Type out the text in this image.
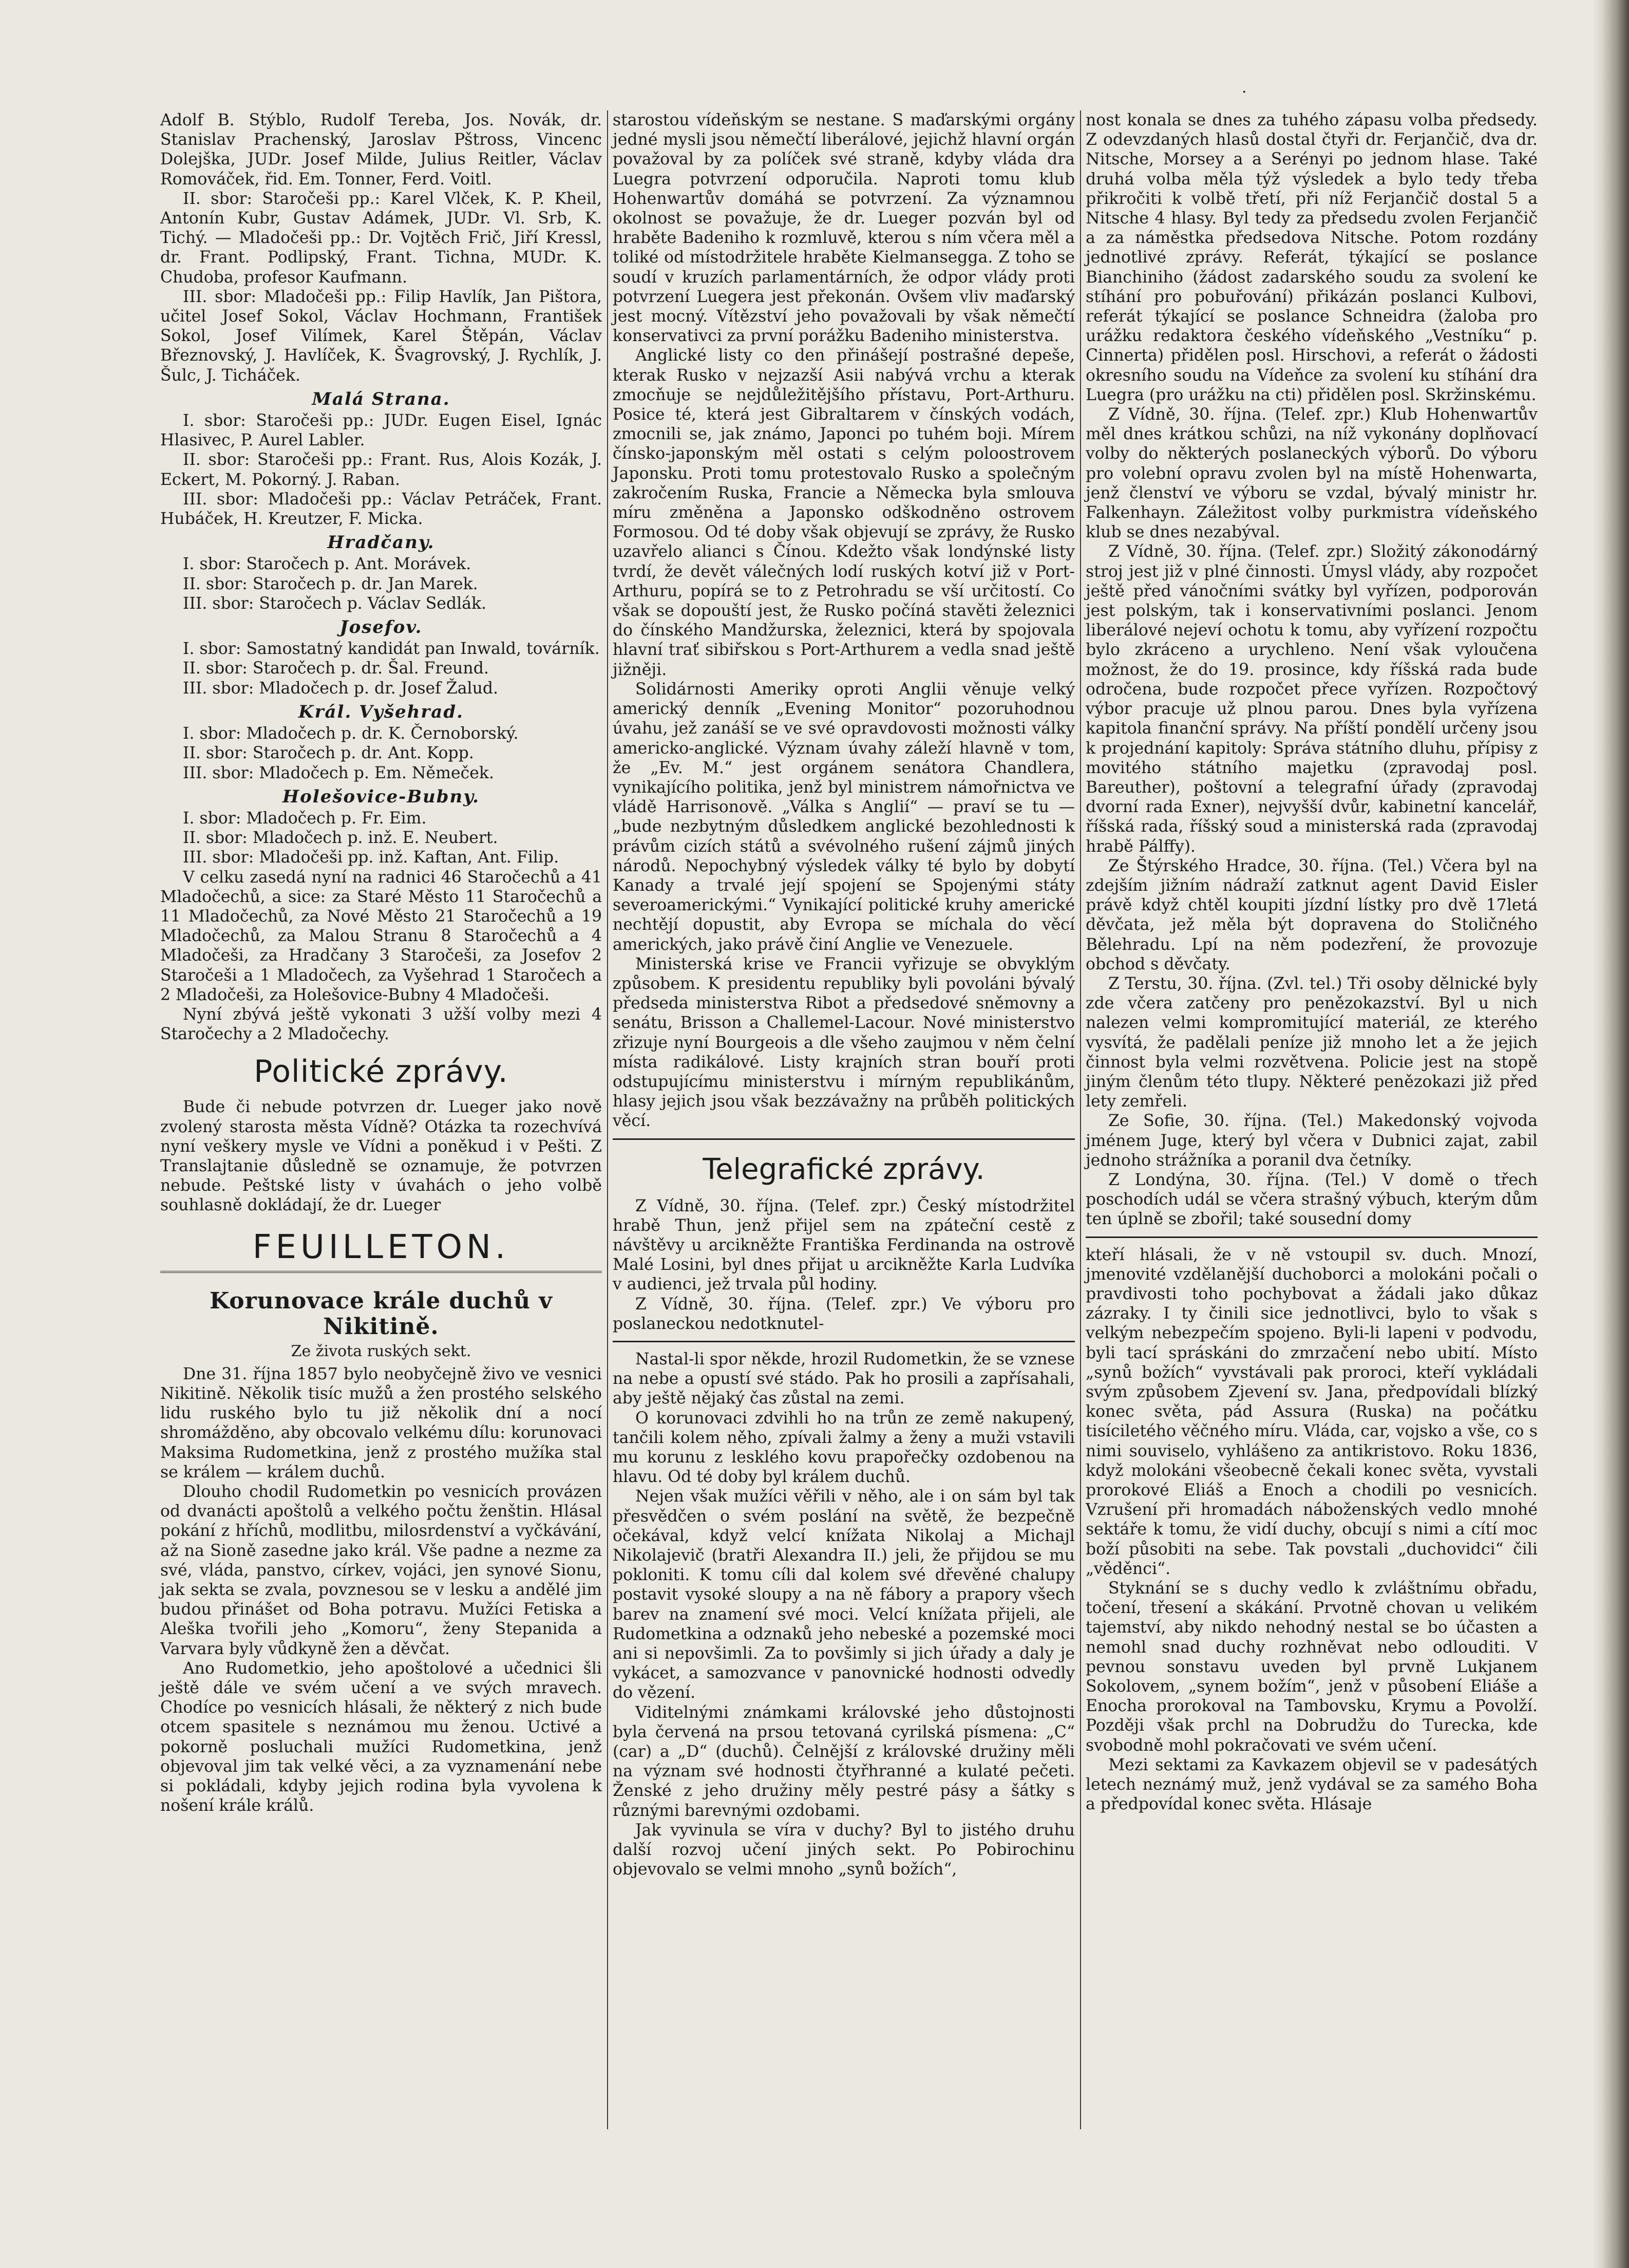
·

Adolf B. Stýblo, Rudolf Tereba, Jos. Novák, dr. Stanislav Prachenský, Jaroslav Pštross, Vincenc Dolejška, JUDr. Josef Milde, Julius Reitler, Václav Romováček, řid. Em. Tonner, Ferd. Voitl.

II. sbor: Staročeši pp.: Karel Vlček, K. P. Kheil, Antonín Kubr, Gustav Adámek, JUDr. Vl. Srb, K. Tichý. — Mladočeši pp.: Dr. Vojtěch Frič, Jiří Kressl, dr. Frant. Podlipský, Frant. Tichna, MUDr. K. Chudoba, profesor Kaufmann.

III. sbor: Mladočeši pp.: Filip Havlík, Jan Pištora, učitel Josef Sokol, Václav Hochmann, František Sokol, Josef Vilímek, Karel Štěpán, Václav Březnovský, J. Havlíček, K. Švagrovský, J. Rychlík, J. Šulc, J. Ticháček.

Malá Strana.

I. sbor: Staročeši pp.: JUDr. Eugen Eisel, Ignác Hlasivec, P. Aurel Labler.

II. sbor: Staročeši pp.: Frant. Rus, Alois Kozák, J. Eckert, M. Pokorný. J. Raban.

III. sbor: Mladočeši pp.: Václav Petráček, Frant. Hubáček, H. Kreutzer, F. Micka.

Hradčany.

I. sbor: Staročech p. Ant. Morávek.

II. sbor: Staročech p. dr. Jan Marek.

III. sbor: Staročech p. Václav Sedlák.

Josefov.

I. sbor: Samostatný kandidát pan Inwald, továrník.

II. sbor: Staročech p. dr. Šal. Freund.

III. sbor: Mladočech p. dr. Josef Žalud.

Král. Vyšehrad.

I. sbor: Mladočech p. dr. K. Černoborský.

II. sbor: Staročech p. dr. Ant. Kopp.

III. sbor: Mladočech p. Em. Němeček.

Holešovice-Bubny.

I. sbor: Mladočech p. Fr. Eim.

II. sbor: Mladočech p. inž. E. Neubert.

III. sbor: Mladočeši pp. inž. Kaftan, Ant. Filip.

V celku zasedá nyní na radnici 46 Staročechů a 41 Mladočechů, a sice: za Staré Město 11 Staročechů a 11 Mladočechů, za Nové Město 21 Staročechů a 19 Mladočechů, za Malou Stranu 8 Staročechů a 4 Mladočeši, za Hradčany 3 Staročeši, za Josefov 2 Staročeši a 1 Mladočech, za Vyšehrad 1 Staročech a 2 Mladočeši, za Holešovice-Bubny 4 Mladočeši.

Nyní zbývá ještě vykonati 3 užší volby mezi 4 Staročechy a 2 Mladočechy.

Politické zprávy.

Bude či nebude potvrzen dr. Lueger jako nově zvolený starosta města Vídně? Otázka ta rozechvívá nyní veškery mysle ve Vídni a poněkud i v Pešti. Z Translajtanie důsledně se oznamuje, že potvrzen nebude. Peštské listy v úvahách o jeho volbě souhlasně dokládají, že dr. Lueger

FEUILLETON.
Korunovace krále duchů v Nikitině.
Ze života ruských sekt.

Dne 31. října 1857 bylo neobyčejně živo ve vesnici Nikitině. Několik tisíc mužů a žen prostého selského lidu ruského bylo tu již několik dní a nocí shromážděno, aby obcovalo velkému dílu: korunovaci Maksima Rudometkina, jenž z prostého mužíka stal se králem — králem duchů.

Dlouho chodil Rudometkin po vesnicích provázen od dvanácti apoštolů a velkého počtu ženštin. Hlásal pokání z hříchů, modlitbu, milosrdenství a vyčkávání, až na Sioně zasedne jako král. Vše padne a nezme za své, vláda, panstvo, církev, vojáci, jen synové Sionu, jak sekta se zvala, povznesou se v lesku a andělé jim budou přinášet od Boha potravu. Mužíci Fetiska a Aleška tvořili jeho „Komoru“, ženy Stepanida a Varvara byly vůdkyně žen a děvčat.

Ano Rudometkio, jeho apoštolové a učednici šli ještě dále ve svém učení a ve svých mravech. Chodíce po vesnicích hlásali, že některý z nich bude otcem spasitele s neznámou mu ženou. Uctivé a pokorně posluchali mužíci Rudometkina, jenž objevoval jim tak velké věci, a za vyznamenání nebe si pokládali, kdyby jejich rodina byla vyvolena k nošení krále králů.

starostou vídeňským se nestane. S maďarskými orgány jedné mysli jsou němečtí liberálové, jejichž hlavní orgán považoval by za políček své straně, kdyby vláda dra Luegra potvrzení odporučila. Naproti tomu klub Hohenwartův domáhá se potvrzení. Za významnou okolnost se považuje, že dr. Lueger pozván byl od hraběte Badeniho k rozmluvě, kterou s ním včera měl a toliké od místodržitele hraběte Kielmansegga. Z toho se soudí v kruzích parlamentárních, že odpor vlády proti potvrzení Luegera jest překonán. Ovšem vliv maďarský jest mocný. Vítězství jeho považovali by však němečtí konservativci za první porážku Badeniho ministerstva.

Anglické listy co den přinášejí postrašné depeše, kterak Rusko v nejzazší Asii nabývá vrchu a kterak zmocňuje se nejdůležitějšího přístavu, Port-Arthuru. Posice té, která jest Gibraltarem v čínských vodách, zmocnili se, jak známo, Japonci po tuhém boji. Mírem čínsko-japonským měl ostati s celým poloostrovem Japonsku. Proti tomu protestovalo Rusko a společným zakročením Ruska, Francie a Německa byla smlouva míru změněna a Japonsko odškodněno ostrovem Formosou. Od té doby však objevují se zprávy, že Rusko uzavřelo alianci s Čínou. Kdežto však londýnské listy tvrdí, že devět válečných lodí ruských kotví již v Port-Arthuru, popírá se to z Petrohradu se vší určitostí. Co však se dopouští jest, že Rusko počíná stavěti železnici do čínského Mandžurska, železnici, která by spojovala hlavní trať sibiřskou s Port-Arthurem a vedla snad ještě jižněji.

Solidárnosti Ameriky oproti Anglii věnuje velký americký denník „Evening Monitor“ pozoruhodnou úvahu, jež zanáší se ve své opravdovosti možnosti války americko-anglické. Význam úvahy záleží hlavně v tom, že „Ev. M.“ jest orgánem senátora Chandlera, vynikajícího politika, jenž byl ministrem námořnictva ve vládě Harrisonově. „Válka s Anglií“ — praví se tu — „bude nezbytným důsledkem anglické bezohlednosti k právům cizích států a svévolného rušení zájmů jiných národů. Nepochybný výsledek války té bylo by dobytí Kanady a trvalé její spojení se Spojenými státy severoamerickými.“ Vynikající politické kruhy americké nechtějí dopustit, aby Evropa se míchala do věcí amerických, jako právě činí Anglie ve Venezuele.

Ministerská krise ve Francii vyřizuje se obvyklým způsobem. K presidentu republiky byli povoláni bývalý předseda ministerstva Ribot a předsedové sněmovny a senátu, Brisson a Challemel-Lacour. Nové ministerstvo zřizuje nyní Bourgeois a dle všeho zaujmou v něm čelní místa radikálové. Listy krajních stran bouří proti odstupujícímu ministerstvu i mírným republikánům, hlasy jejich jsou však bezzávažny na průběh politických věcí.

Telegrafické zprávy.

Z Vídně, 30. října. (Telef. zpr.) Český místodržitel hrabě Thun, jenž přijel sem na zpáteční cestě z návštěvy u arcikněžte Františka Ferdinanda na ostrově Malé Losini, byl dnes přijat u arcikněžte Karla Ludvíka v audienci, jež trvala půl hodiny.

Z Vídně, 30. října. (Telef. zpr.) Ve výboru pro poslaneckou nedotknutel-

Nastal-li spor někde, hrozil Rudometkin, že se vznese na nebe a opustí své stádo. Pak ho prosili a zapřísahali, aby ještě nějaký čas zůstal na zemi.

O korunovaci zdvihli ho na trůn ze země nakupený, tančili kolem něho, zpívali žalmy a ženy a muži vstavili mu korunu z lesklého kovu prapořečky ozdobenou na hlavu. Od té doby byl králem duchů.

Nejen však mužíci věřili v něho, ale i on sám byl tak přesvědčen o svém poslání na světě, že bezpečně očekával, když velcí knížata Nikolaj a Michajl Nikolajevič (bratři Alexandra II.) jeli, že přijdou se mu pokloniti. K tomu cíli dal kolem své dřevěné chalupy postavit vysoké sloupy a na ně fábory a prapory všech barev na znamení své moci. Velcí knížata přijeli, ale Rudometkina a odznaků jeho nebeské a pozemské moci ani si nepovšimli. Za to povšimly si jich úřady a daly je vykácet, a samozvance v panovnické hodnosti odvedly do vězení.

Viditelnými známkami královské jeho důstojnosti byla červená na prsou tetovaná cyrilská písmena: „C“ (car) a „D“ (duchů). Čelnější z královské družiny měli na význam své hodnosti čtyřhranné a kulaté pečeti. Ženské z jeho družiny měly pestré pásy a šátky s různými barevnými ozdobami.

Jak vyvinula se víra v duchy? Byl to jistého druhu další rozvoj učení jiných sekt. Po Pobirochinu objevovalo se velmi mnoho „synů božích“,

nost konala se dnes za tuhého zápasu volba předsedy. Z odevzdaných hlasů dostal čtyři dr. Ferjančič, dva dr. Nitsche, Morsey a a Serényi po jednom hlase. Také druhá volba měla týž výsledek a bylo tedy třeba přikročiti k volbě třetí, při níž Ferjančič dostal 5 a Nitsche 4 hlasy. Byl tedy za předsedu zvolen Ferjančič a za náměstka předsedova Nitsche. Potom rozdány jednotlivé zprávy. Referát, týkající se poslance Bianchiniho (žádost zadarského soudu za svolení ke stíhání pro pobuřování) přikázán poslanci Kulbovi, referát týkající se poslance Schneidra (žaloba pro urážku redaktora českého vídeňského „Vestníku“ p. Cinnerta) přidělen posl. Hirschovi, a referát o žádosti okresního soudu na Vídeňce za svolení ku stíhání dra Luegra (pro urážku na cti) přidělen posl. Skržinskému.

Z Vídně, 30. října. (Telef. zpr.) Klub Hohenwartův měl dnes krátkou schůzi, na níž vykonány doplňovací volby do některých poslaneckých výborů. Do výboru pro volební opravu zvolen byl na místě Hohenwarta, jenž členství ve výboru se vzdal, bývalý ministr hr. Falkenhayn. Záležitost volby purkmistra vídeňského klub se dnes nezabýval.

Z Vídně, 30. října. (Telef. zpr.) Složitý zákonodárný stroj jest již v plné činnosti. Úmysl vlády, aby rozpočet ještě před vánočními svátky byl vyřízen, podporován jest polským, tak i konservativními poslanci. Jenom liberálové nejeví ochotu k tomu, aby vyřízení rozpočtu bylo zkráceno a urychleno. Není však vyloučena možnost, že do 19. prosince, kdy říšská rada bude odročena, bude rozpočet přece vyřízen. Rozpočtový výbor pracuje už plnou parou. Dnes byla vyřízena kapitola finanční správy. Na příští pondělí určeny jsou k projednání kapitoly: Správa státního dluhu, přípisy z movitého státního majetku (zpravodaj posl. Bareuther), poštovní a telegrafní úřady (zpravodaj dvorní rada Exner), nejvyšší dvůr, kabinetní kancelář, říšská rada, říšský soud a ministerská rada (zpravodaj hrabě Pálffy).

Ze Štýrského Hradce, 30. října. (Tel.) Včera byl na zdejším jižním nádraží zatknut agent David Eisler právě když chtěl koupiti jízdní lístky pro dvě 17letá děvčata, jež měla být dopravena do Stoličného Bělehradu. Lpí na něm podezření, že provozuje obchod s děvčaty.

Z Terstu, 30. října. (Zvl. tel.) Tři osoby dělnické byly zde včera zatčeny pro penězokazství. Byl u nich nalezen velmi kompromitující materiál, ze kterého vysvítá, že padělali peníze již mnoho let a že jejich činnost byla velmi rozvětvena. Policie jest na stopě jiným členům této tlupy. Některé penězokazi již před lety zemřeli.

Ze Sofie, 30. října. (Tel.) Makedonský vojvoda jménem Juge, který byl včera v Dubnici zajat, zabil jednoho strážníka a poranil dva četníky.

Z Londýna, 30. října. (Tel.) V domě o třech poschodích udál se včera strašný výbuch, kterým dům ten úplně se zbořil; také sousední domy

kteří hlásali, že v ně vstoupil sv. duch. Mnozí, jmenovité vzdělanější duchoborci a molokáni počali o pravdivosti toho pochybovat a žádali jako důkaz zázraky. I ty činili sice jednotlivci, bylo to však s velkým nebezpečím spojeno. Byli-li lapeni v podvodu, byli tací spráskáni do zmrzačení nebo ubití. Místo „synů božích“ vyvstávali pak proroci, kteří vykládali svým způsobem Zjevení sv. Jana, předpovídali blízký konec světa, pád Assura (Ruska) na počátku tisíciletého věčného míru. Vláda, car, vojsko a vše, co s nimi souviselo, vyhlášeno za antikristovo. Roku 1836, když molokáni všeobecně čekali konec světa, vyvstali prorokové Eliáš a Enoch a chodili po vesnicích. Vzrušení při hromadách náboženských vedlo mnohé sektáře k tomu, že vidí duchy, obcují s nimi a cítí moc boží působiti na sebe. Tak povstali „duchovidci“ čili „věděnci“.

Styknání se s duchy vedlo k zvláštnímu obřadu, točení, třesení a skákání. Prvotně chovan u velikém tajemství, aby nikdo nehodný nestal se bo účasten a nemohl snad duchy rozhněvat nebo odlouditi. V pevnou sonstavu uveden byl prvně Lukjanem Sokolovem, „synem božím“, jenž v působení Eliáše a Enocha prorokoval na Tambovsku, Krymu a Povolží. Později však prchl na Dobrudžu do Turecka, kde svobodně mohl pokračovati ve svém učení.

Mezi sektami za Kavkazem objevil se v padesátých letech neznámý muž, jenž vydával se za samého Boha a předpovídal konec světa. Hlásaje
